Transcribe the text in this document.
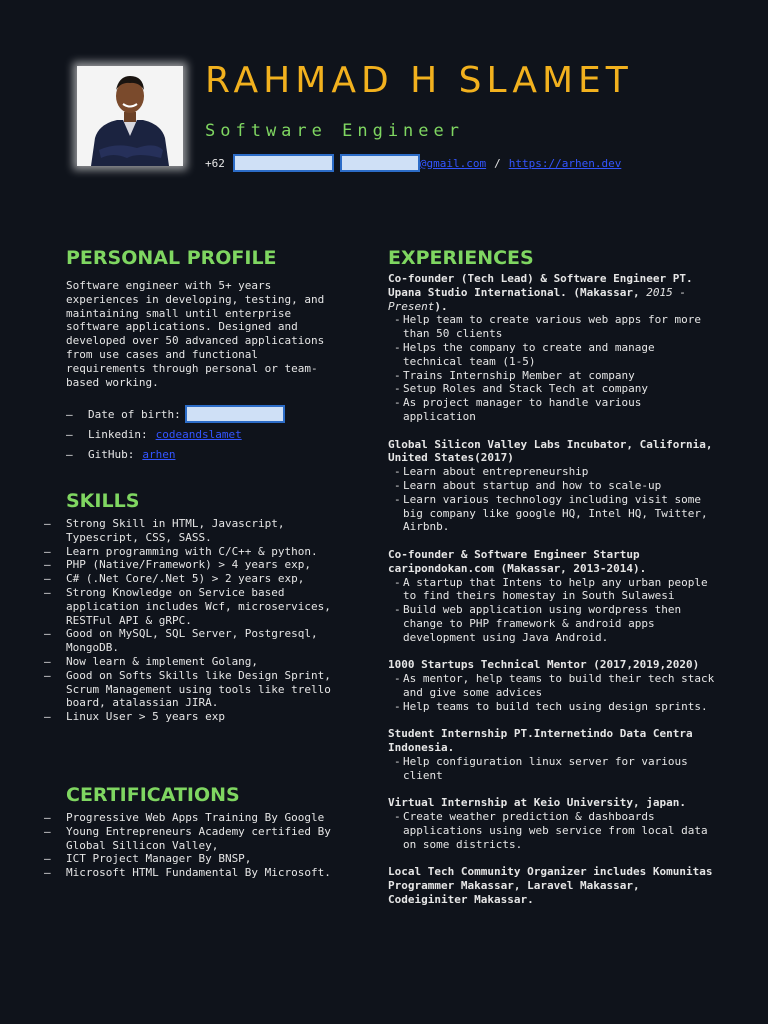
RAHMAD H SLAMET
Software Engineer
+62	@gmail.com / https://arhen.dev
PERSONAL PROFILE
Software engineer with 5+ years experiences in developing, testing, and maintaining small until enterprise software applications. Designed and developed over 50 advanced applications from use cases and functional requirements through personal or team- based working.
–	Date of birth:
–	Linkedin: codeandslamet
–	GitHub: arhen
SKILLS
– Strong Skill in HTML, Javascript, Typescript, CSS, SASS.
– Learn programming with C/C++ & python.
– PHP (Native/Framework) > 4 years exp,
– C# (.Net Core/.Net 5) > 2 years exp,
– Strong Knowledge on Service based application includes Wcf, microservices, RESTFul API & gRPC.
– Good on MySQL, SQL Server, Postgresql, MongoDB.
– Now learn & implement Golang,
– Good on Softs Skills like Design Sprint, Scrum Management using tools like trello board, atalassian JIRA.
– Linux User > 5 years exp
CERTIFICATIONS
– Progressive Web Apps Training By Google
– Young Entrepreneurs Academy certified By Global Sillicon Valley,
– ICT Project Manager By BNSP,
– Microsoft HTML Fundamental By Microsoft.
EXPERIENCES
Co-founder (Tech Lead) & Software Engineer PT. Upana Studio International. (Makassar, 2015 -Present).
- Help team to create various web apps for more than 50 clients
- Helps the company to create and manage technical team (1-5)
- Trains Internship Member at company
- Setup Roles and Stack Tech at company
- As project manager to handle various application
Global Silicon Valley Labs Incubator, California, United States(2017)
- Learn about entrepreneurship
- Learn about startup and how to scale-up
- Learn various technology including visit some big company like google HQ, Intel HQ, Twitter, Airbnb.
Co-founder & Software Engineer Startup caripondokan.com (Makassar, 2013-2014).
- A startup that Intens to help any urban people to find theirs homestay in South Sulawesi
- Build web application using wordpress then change to PHP framework & android apps development using Java Android.
1000 Startups Technical Mentor (2017,2019,2020)
- As mentor, help teams to build their tech stack and give some advices
- Help teams to build tech using design sprints.
Student Internship PT.Internetindo Data Centra Indonesia.
- Help configuration linux server for various client
Virtual Internship at Keio University, japan.
- Create weather prediction & dashboards applications using web service from local data on some districts.
Local Tech Community Organizer includes Komunitas Programmer Makassar, Laravel Makassar, Codeiginiter Makassar.
